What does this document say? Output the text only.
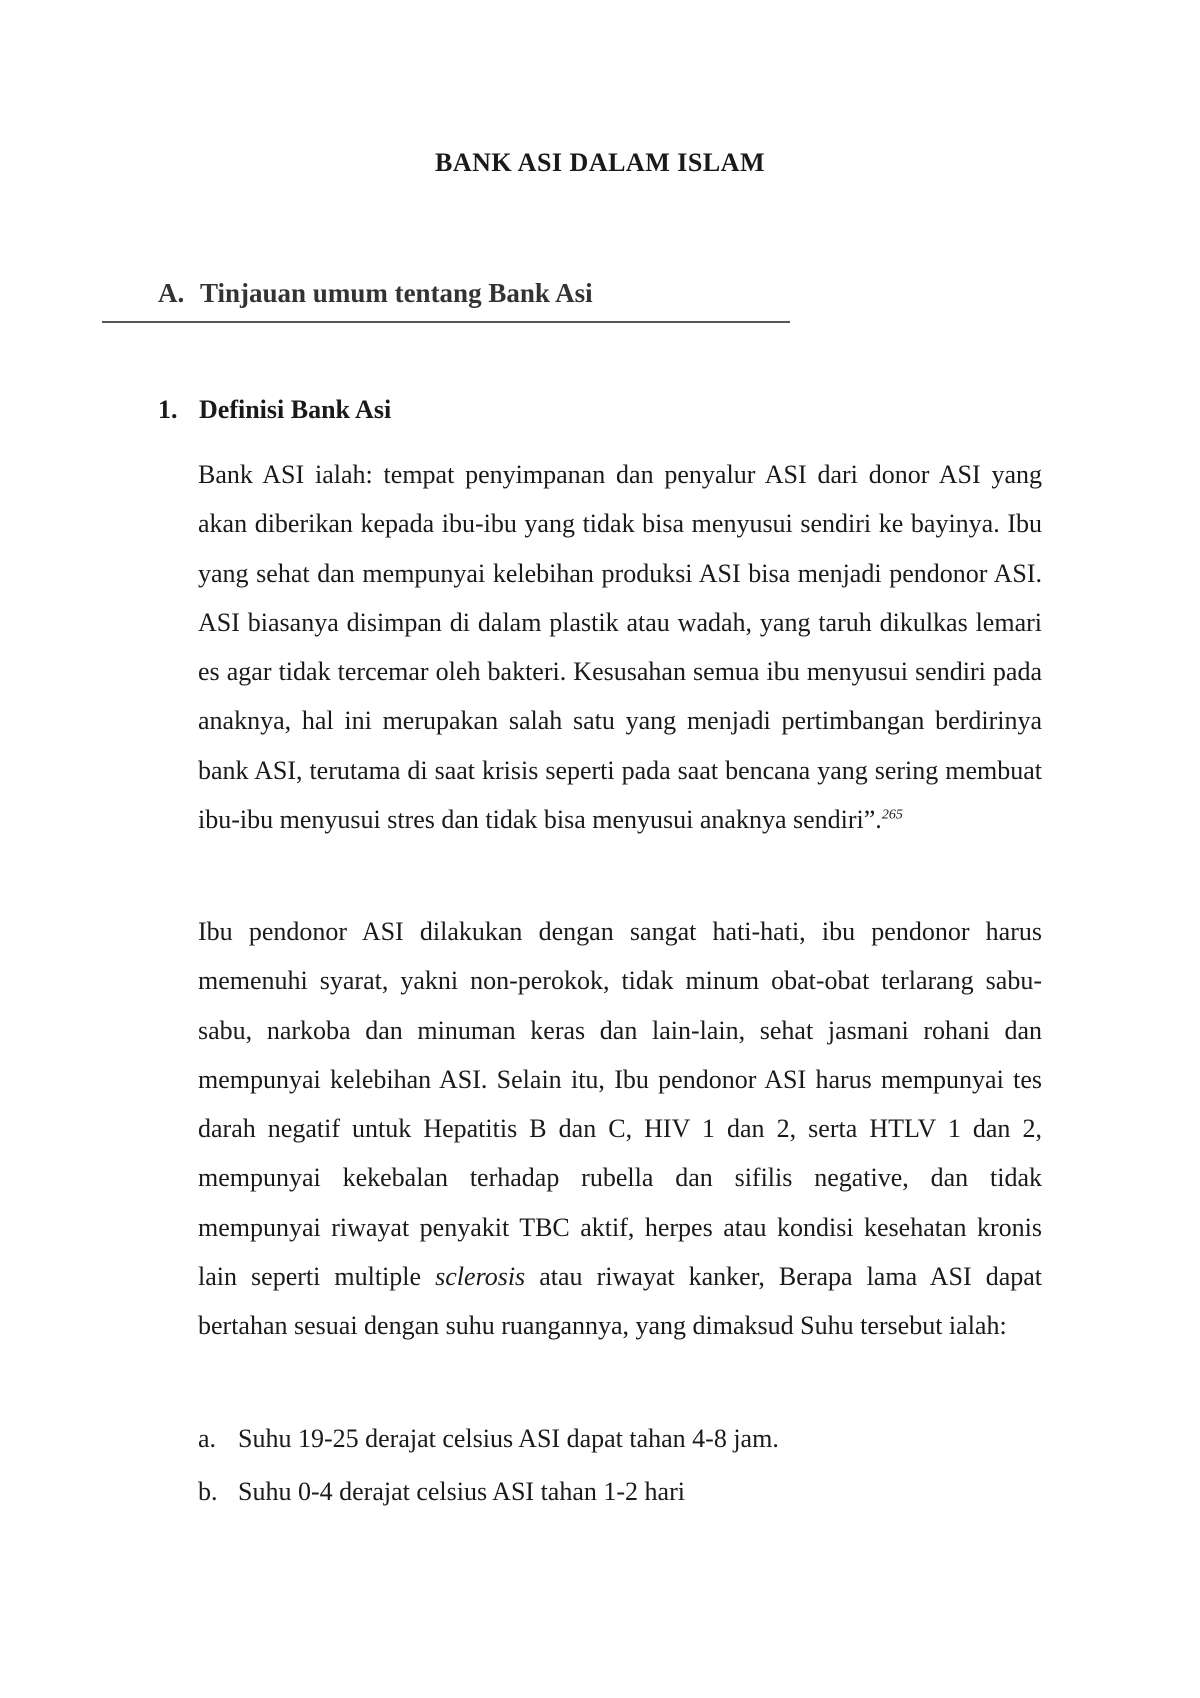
BANK ASI DALAM ISLAM
A. Tinjauan umum tentang Bank Asi
1. Definisi Bank Asi

Bank ASI ialah: tempat penyimpanan dan penyalur ASI dari donor ASI yang akan diberikan kepada ibu-ibu yang tidak bisa menyusui sendiri ke bayinya. Ibu yang sehat dan mempunyai kelebihan produksi ASI bisa menjadi pendonor ASI. ASI biasanya disimpan di dalam plastik atau wadah, yang taruh dikulkas lemari es agar tidak tercemar oleh bakteri. Kesusahan semua ibu menyusui sendiri pada anaknya, hal ini merupakan salah satu yang menjadi pertimbangan berdirinya bank ASI, terutama di saat krisis seperti pada saat bencana yang sering membuat ibu-ibu menyusui stres dan tidak bisa menyusui anaknya sendiri”.$^{265}$

Ibu pendonor ASI dilakukan dengan sangat hati-hati, ibu pendonor harus memenuhi syarat, yakni non-perokok, tidak minum obat-obat terlarang sabu-sabu, narkoba dan minuman keras dan lain-lain, sehat jasmani rohani dan mempunyai kelebihan ASI. Selain itu, Ibu pendonor ASI harus mempunyai tes darah negatif untuk Hepatitis B dan C, HIV 1 dan 2, serta HTLV 1 dan 2, mempunyai kekebalan terhadap rubella dan sifilis negative, dan tidak mempunyai riwayat penyakit TBC aktif, herpes atau kondisi kesehatan kronis lain seperti multiple sclerosis atau riwayat kanker, Berapa lama ASI dapat bertahan sesuai dengan suhu ruangannya, yang dimaksud Suhu tersebut ialah:

a. Suhu 19-25 derajat celsius ASI dapat tahan 4-8 jam.
b. Suhu 0-4 derajat celsius ASI tahan 1-2 hari
